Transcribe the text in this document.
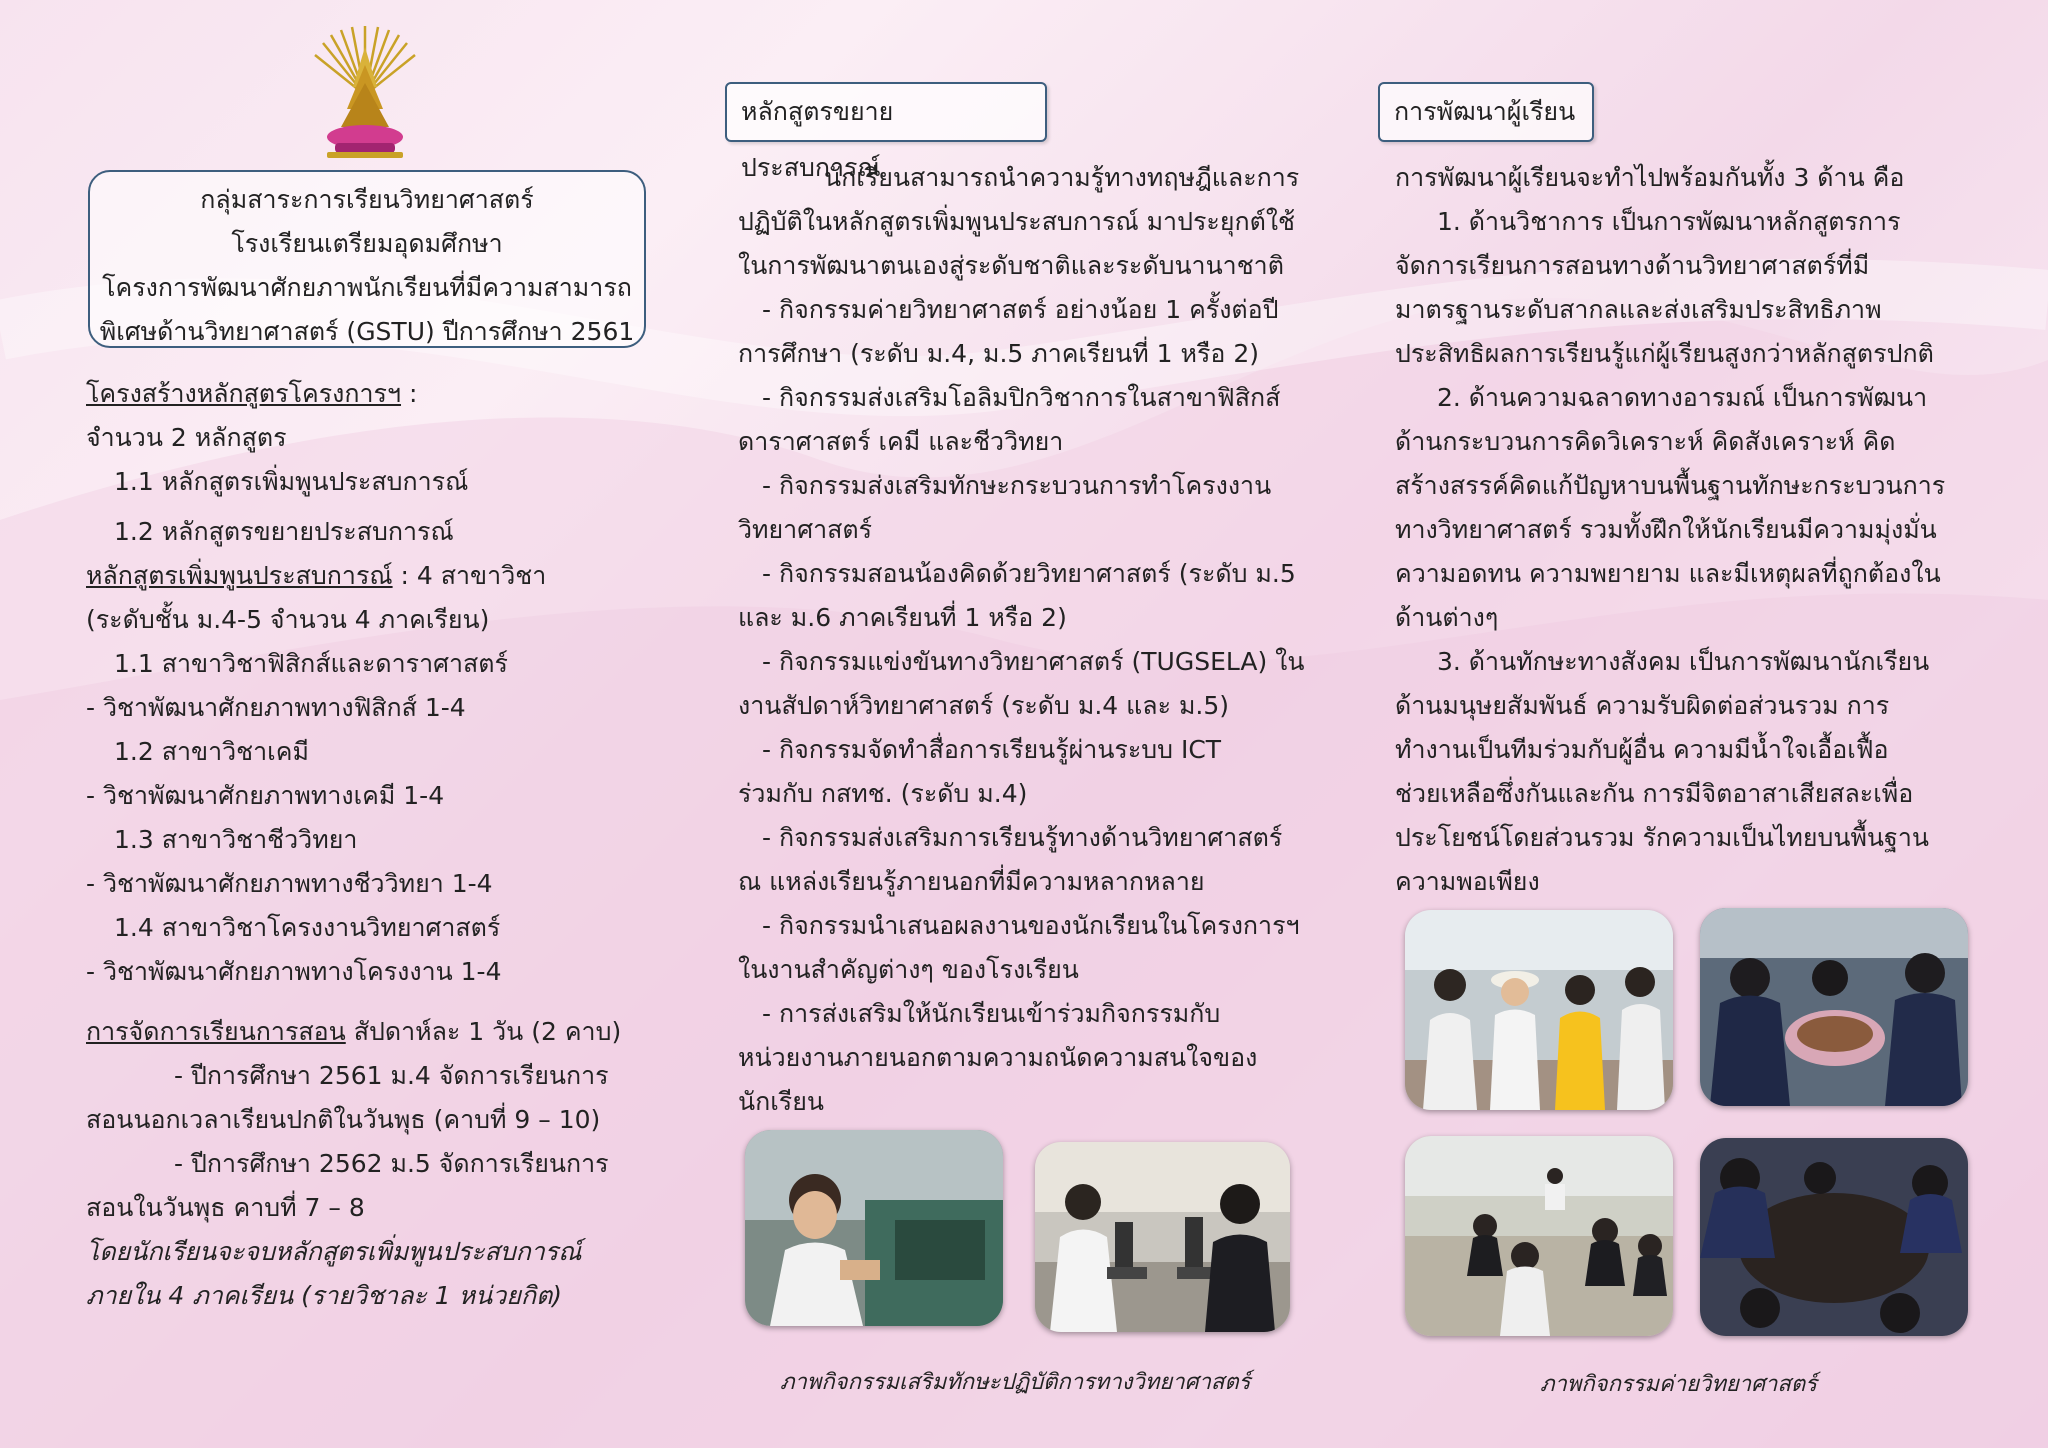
กลุ่มสาระการเรียนวิทยาศาสตร์

โรงเรียนเตรียมอุดมศึกษา

โครงการพัฒนาศักยภาพนักเรียนที่มีความสามารถ

พิเศษด้านวิทยาศาสตร์ (GSTU) ปีการศึกษา 2561

โครงสร้างหลักสูตรโครงการฯ :

จำนวน 2 หลักสูตร

1.1 หลักสูตรเพิ่มพูนประสบการณ์

1.2 หลักสูตรขยายประสบการณ์

หลักสูตรเพิ่มพูนประสบการณ์ : 4 สาขาวิชา

(ระดับชั้น ม.4-5 จำนวน 4 ภาคเรียน)

1.1 สาขาวิชาฟิสิกส์และดาราศาสตร์

- วิชาพัฒนาศักยภาพทางฟิสิกส์ 1-4

1.2 สาขาวิชาเคมี

- วิชาพัฒนาศักยภาพทางเคมี 1-4

1.3 สาขาวิชาชีววิทยา

- วิชาพัฒนาศักยภาพทางชีววิทยา 1-4

1.4 สาขาวิชาโครงงานวิทยาศาสตร์

- วิชาพัฒนาศักยภาพทางโครงงาน 1-4

การจัดการเรียนการสอน สัปดาห์ละ 1 วัน (2 คาบ)

- ปีการศึกษา 2561 ม.4 จัดการเรียนการ

สอนนอกเวลาเรียนปกติในวันพุธ (คาบที่ 9 – 10)

- ปีการศึกษา 2562 ม.5 จัดการเรียนการ

สอนในวันพุธ คาบที่ 7 – 8

โดยนักเรียนจะจบหลักสูตรเพิ่มพูนประสบการณ์

ภายใน 4 ภาคเรียน (รายวิชาละ 1 หน่วยกิต)

หลักสูตรขยายประสบการณ์

นักเรียนสามารถนำความรู้ทางทฤษฎีและการ

ปฏิบัติในหลักสูตรเพิ่มพูนประสบการณ์ มาประยุกต์ใช้

ในการพัฒนาตนเองสู่ระดับชาติและระดับนานาชาติ

- กิจกรรมค่ายวิทยาศาสตร์ อย่างน้อย 1 ครั้งต่อปี

การศึกษา (ระดับ ม.4, ม.5 ภาคเรียนที่ 1 หรือ 2)

- กิจกรรมส่งเสริมโอลิมปิกวิชาการในสาขาฟิสิกส์

ดาราศาสตร์ เคมี และชีววิทยา

- กิจกรรมส่งเสริมทักษะกระบวนการทำโครงงาน

วิทยาศาสตร์

- กิจกรรมสอนน้องคิดด้วยวิทยาศาสตร์ (ระดับ ม.5

และ ม.6 ภาคเรียนที่ 1 หรือ 2)

- กิจกรรมแข่งขันทางวิทยาศาสตร์ (TUGSELA) ใน

งานสัปดาห์วิทยาศาสตร์ (ระดับ ม.4 และ ม.5)

- กิจกรรมจัดทำสื่อการเรียนรู้ผ่านระบบ ICT

ร่วมกับ กสทช. (ระดับ ม.4)

- กิจกรรมส่งเสริมการเรียนรู้ทางด้านวิทยาศาสตร์

ณ แหล่งเรียนรู้ภายนอกที่มีความหลากหลาย

- กิจกรรมนำเสนอผลงานของนักเรียนในโครงการฯ

ในงานสำคัญต่างๆ ของโรงเรียน

- การส่งเสริมให้นักเรียนเข้าร่วมกิจกรรมกับ

หน่วยงานภายนอกตามความถนัดความสนใจของ

นักเรียน

ภาพกิจกรรมเสริมทักษะปฏิบัติการทางวิทยาศาสตร์
การพัฒนาผู้เรียน

การพัฒนาผู้เรียนจะทำไปพร้อมกันทั้ง 3 ด้าน คือ

1. ด้านวิชาการ เป็นการพัฒนาหลักสูตรการ

จัดการเรียนการสอนทางด้านวิทยาศาสตร์ที่มี

มาตรฐานระดับสากลและส่งเสริมประสิทธิภาพ

ประสิทธิผลการเรียนรู้แก่ผู้เรียนสูงกว่าหลักสูตรปกติ

2. ด้านความฉลาดทางอารมณ์ เป็นการพัฒนา

ด้านกระบวนการคิดวิเคราะห์ คิดสังเคราะห์ คิด

สร้างสรรค์คิดแก้ปัญหาบนพื้นฐานทักษะกระบวนการ

ทางวิทยาศาสตร์ รวมทั้งฝึกให้นักเรียนมีความมุ่งมั่น

ความอดทน ความพยายาม และมีเหตุผลที่ถูกต้องใน

ด้านต่างๆ

3. ด้านทักษะทางสังคม เป็นการพัฒนานักเรียน

ด้านมนุษยสัมพันธ์ ความรับผิดต่อส่วนรวม การ

ทำงานเป็นทีมร่วมกับผู้อื่น ความมีน้ำใจเอื้อเฟื้อ

ช่วยเหลือซึ่งกันและกัน การมีจิตอาสาเสียสละเพื่อ

ประโยชน์โดยส่วนรวม รักความเป็นไทยบนพื้นฐาน

ความพอเพียง

ภาพกิจกรรมค่ายวิทยาศาสตร์
